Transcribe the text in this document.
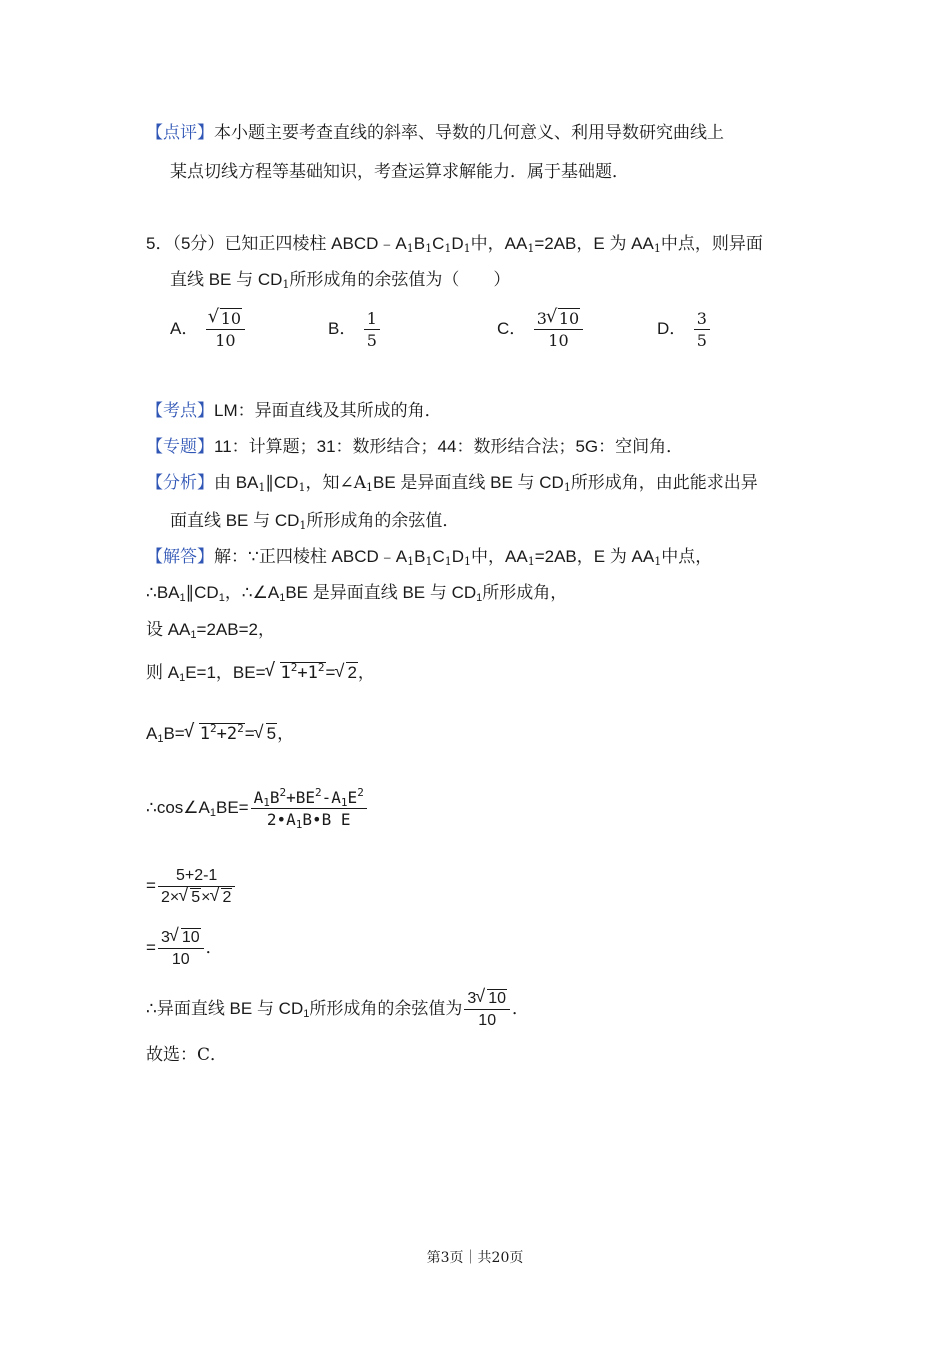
【点评】本小题主要考查直线的斜率、导数的几何意义、利用导数研究曲线上
某点切线方程等基础知识，考查运算求解能力．属于基础题．
5．（5分）已知正四棱柱 $ABCD﹣A_1B_1C_1D_1$中，$AA_1=2AB$，E 为 $AA_1$中点，则异面
直线 BE 与 $CD_1$所形成角的余弦值为（　　）
A．
√ $\frac{10}{10}$	B． $\frac{1}{5}$	C． $\frac{3√ 10}{10}$	D． $\frac{3}{5}$
【考点】LM：异面直线及其所成的角．
【专题】11：计算题；31：数形结合；44：数形结合法；5G：空间角．
【分析】由 $BA_1\parallel CD_1$，知$\angle A_1BE$ 是异面直线 BE 与 $CD_1$所形成角，由此能求出异
面直线 BE 与 $CD_1$所形成角的余弦值．
【解答】解：∵正四棱柱 $ABCD﹣A_1B_1C_1D_1$中，$AA_1=2AB$，E 为 $AA_1$中点，
$\therefore BA_1\parallel CD_1$，$\therefore\angle A_1BE$ 是异面直线 BE 与 $CD_1$所形成角，
设 $AA_1=2AB=2$，
则 $A_1E=1$，BE=√ $1^2+1^2=√$ 2，
$A_1B=√$ $1^2+2^2=√$ 5，
$\therefore\cos\angle A_1BE= \frac{A_1B^2+BE^2-A_1E^2}{2•A_1B•B E}$
= $\frac{5+2-1}{2\times√ 5\times√ 2}$
= $\frac{3√ 10}{10}$ ．
∴异面直线 BE 与 $CD_1$所形成角的余弦值为 $\frac{3√ 10}{10}$ ．
故选：C．
第3页｜共20页
